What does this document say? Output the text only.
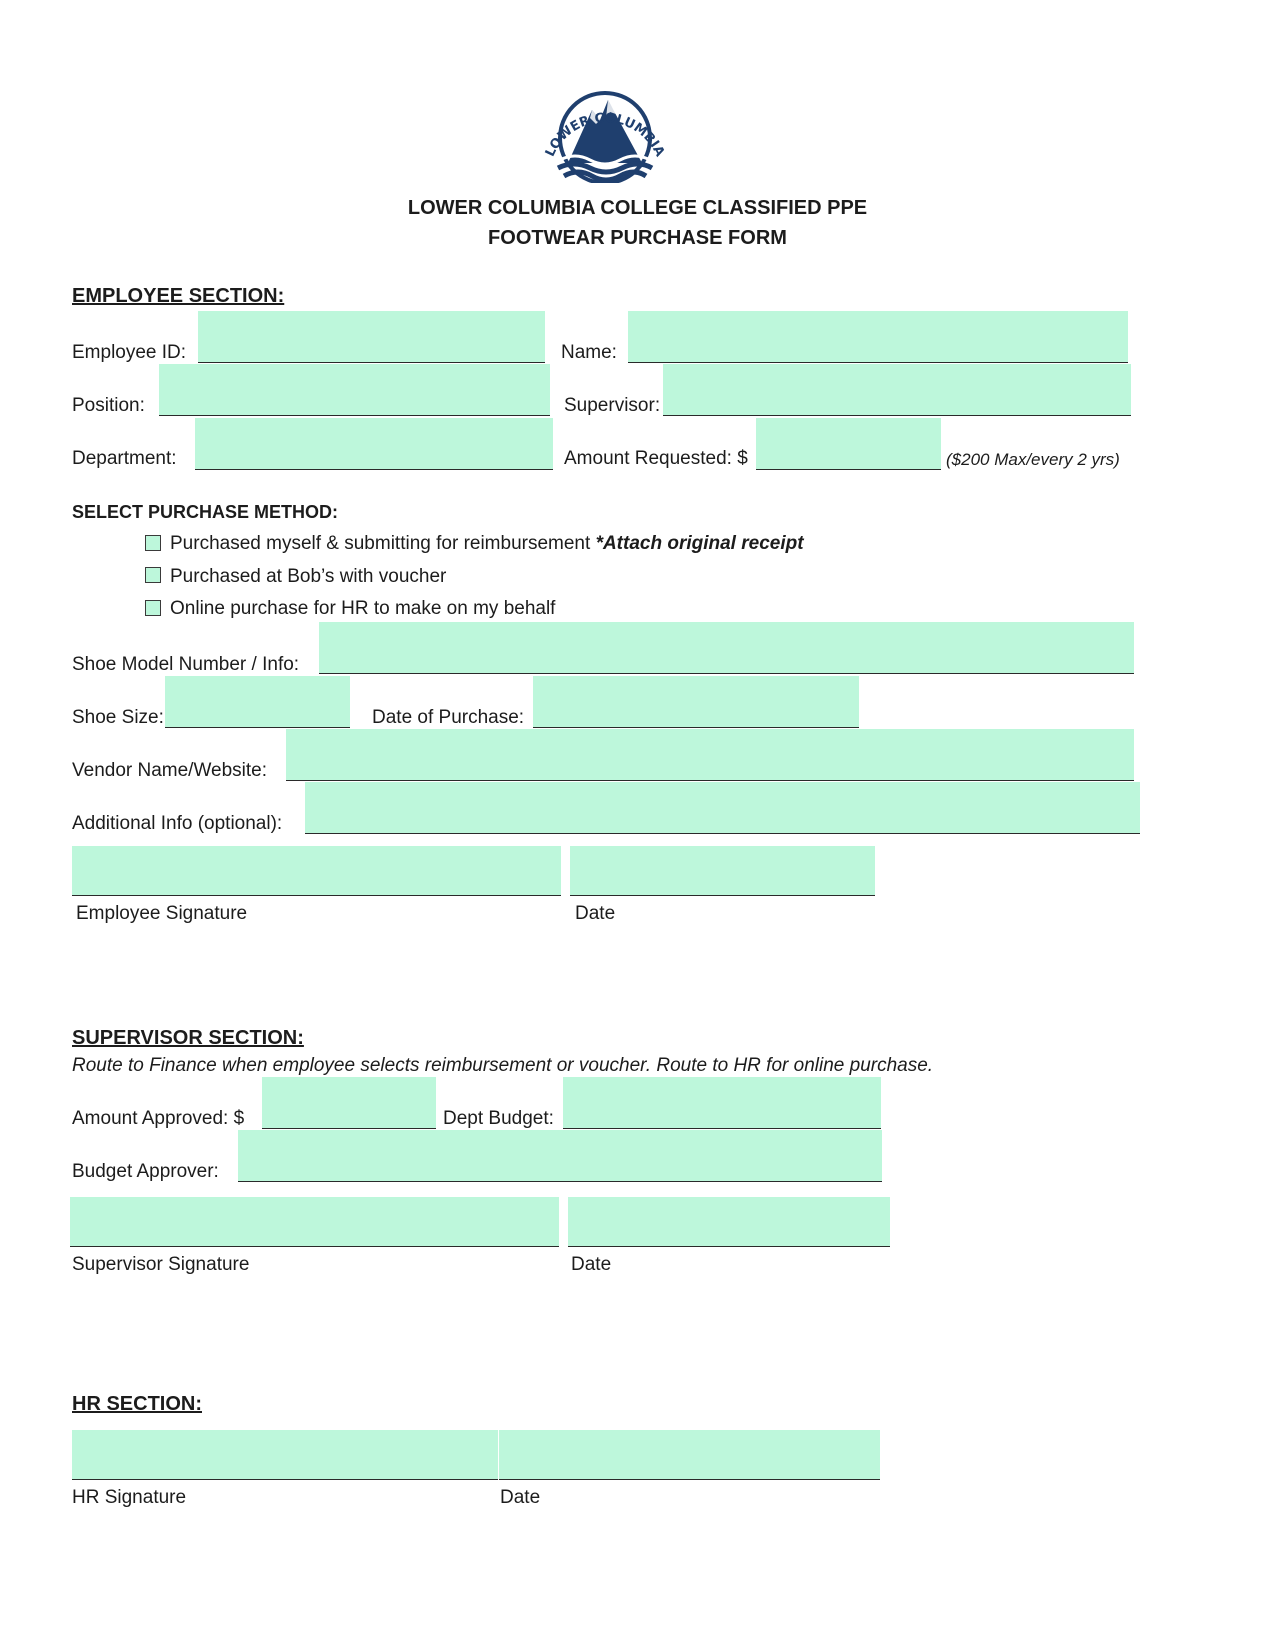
LOWER COLUMBIA
LOWER COLUMBIA COLLEGE CLASSIFIED PPE
FOOTWEAR PURCHASE FORM
EMPLOYEE SECTION:
Employee ID:	Name:
Position:	Supervisor:
Department:	Amount Requested: $	($200 Max/every 2 yrs)
SELECT PURCHASE METHOD:
Purchased myself & submitting for reimbursement *Attach original receipt
Purchased at Bob’s with voucher
Online purchase for HR to make on my behalf
Shoe Model Number / Info:
Shoe Size:	Date of Purchase:
Vendor Name/Website:
Additional Info (optional):
Employee Signature	Date
SUPERVISOR SECTION:
Route to Finance when employee selects reimbursement or voucher. Route to HR for online purchase.
Amount Approved: $	Dept Budget:
Budget Approver:
Supervisor Signature	Date
HR SECTION:
HR Signature	Date
